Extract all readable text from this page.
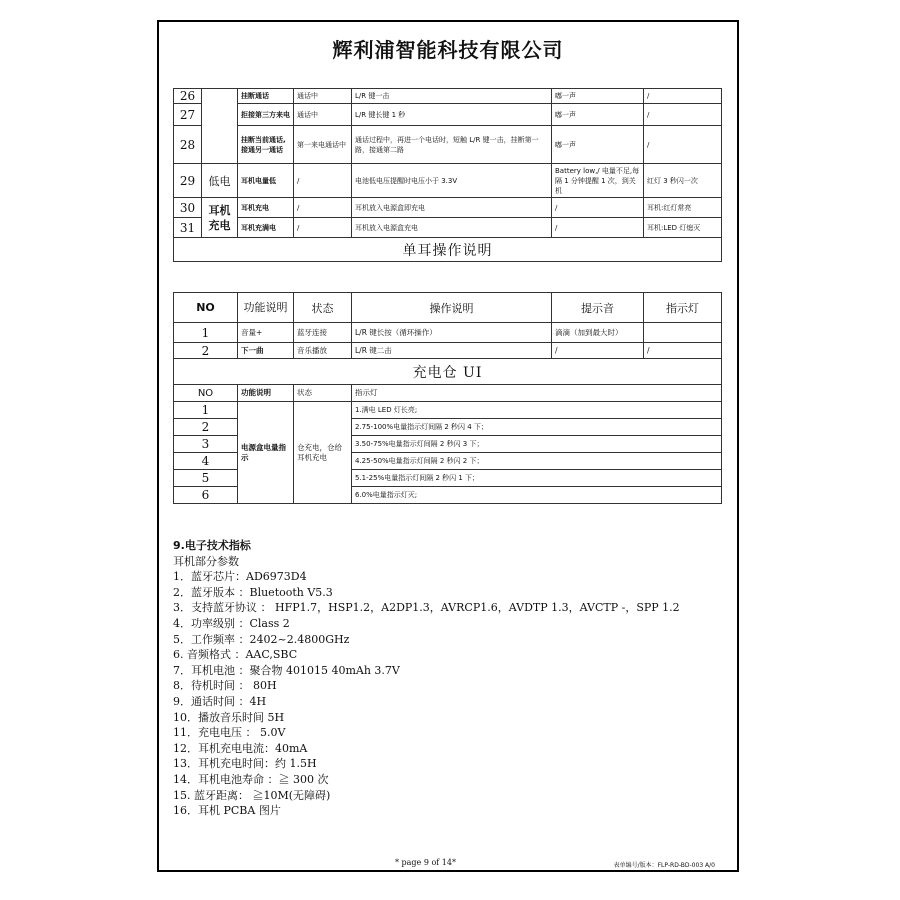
辉利浦智能科技有限公司
26		挂断通话	通话中	L/R 键一击	嘟一声	/
27		拒接第三方来电	通话中	L/R 键长键 1 秒	嘟一声	/
28		挂断当前通话,接通另一通话	第一来电通话中	通话过程中，再进一个电话时，短触 L/R 键一击，挂断第一路，接通第二路	嘟一声	/
29	低电	耳机电量低	/	电池低电压提醒时电压小于 3.3V	Battery low,/ 电量不足,每隔 1 分钟提醒 1 次，到关机	红灯 3 秒闪一次
30	耳机充电	耳机充电	/	耳机放入电源盒即充电	/	耳机:红灯常亮
31		耳机充满电	/	耳机放入电源盒充电	/	耳机:LED 灯熄灭
单耳操作说明						
NO	功能说明	状态	操作说明	提示音	指示灯
1	音量+	蓝牙连接	L/R 键长按（循环操作）	滴滴（加到最大时）	
2	下一曲	音乐播放	L/R 键二击	/	/
充电仓 UI					
NO	功能说明	状态	指示灯
1	电源盒电量指示	仓充电，仓给耳机充电	1.满电 LED 灯长亮;
2			2.75-100%电量指示灯间隔 2 秒闪 4 下；
3			3.50-75%电量指示灯间隔 2 秒闪 3 下；
4			4.25-50%电量指示灯间隔 2 秒闪 2 下；
5			5.1-25%电量指示灯间隔 2 秒闪 1 下；
6			6.0%电量指示灯灭;
9.电子技术指标
耳机部分参数
1．蓝牙芯片：AD6973D4
2．蓝牙版本 ：Bluetooth V5.3
3．支持蓝牙协议 ： HFP1.7，HSP1.2，A2DP1.3，AVRCP1.6，AVDTP 1.3，AVCTP -，SPP 1.2
4．功率级别 ：Class 2
5．工作频率 ：2402~2.4800GHz
6. 音频格式 ：AAC,SBC
7．耳机电池 ：聚合物 401015 40mAh 3.7V
8．待机时间 ： 80H
9．通话时间 ：4H
10．播放音乐时间 5H
11．充电电压 ： 5.0V
12．耳机充电电流：40mA
13．耳机充电时间：约 1.5H
14．耳机电池寿命 ：≧ 300 次
15. 蓝牙距离： ≧10M(无障碍)
16．耳机 PCBA 图片
* page 9 of 14*	表单编号/版本：FLP-RD-BD-003 A/0
